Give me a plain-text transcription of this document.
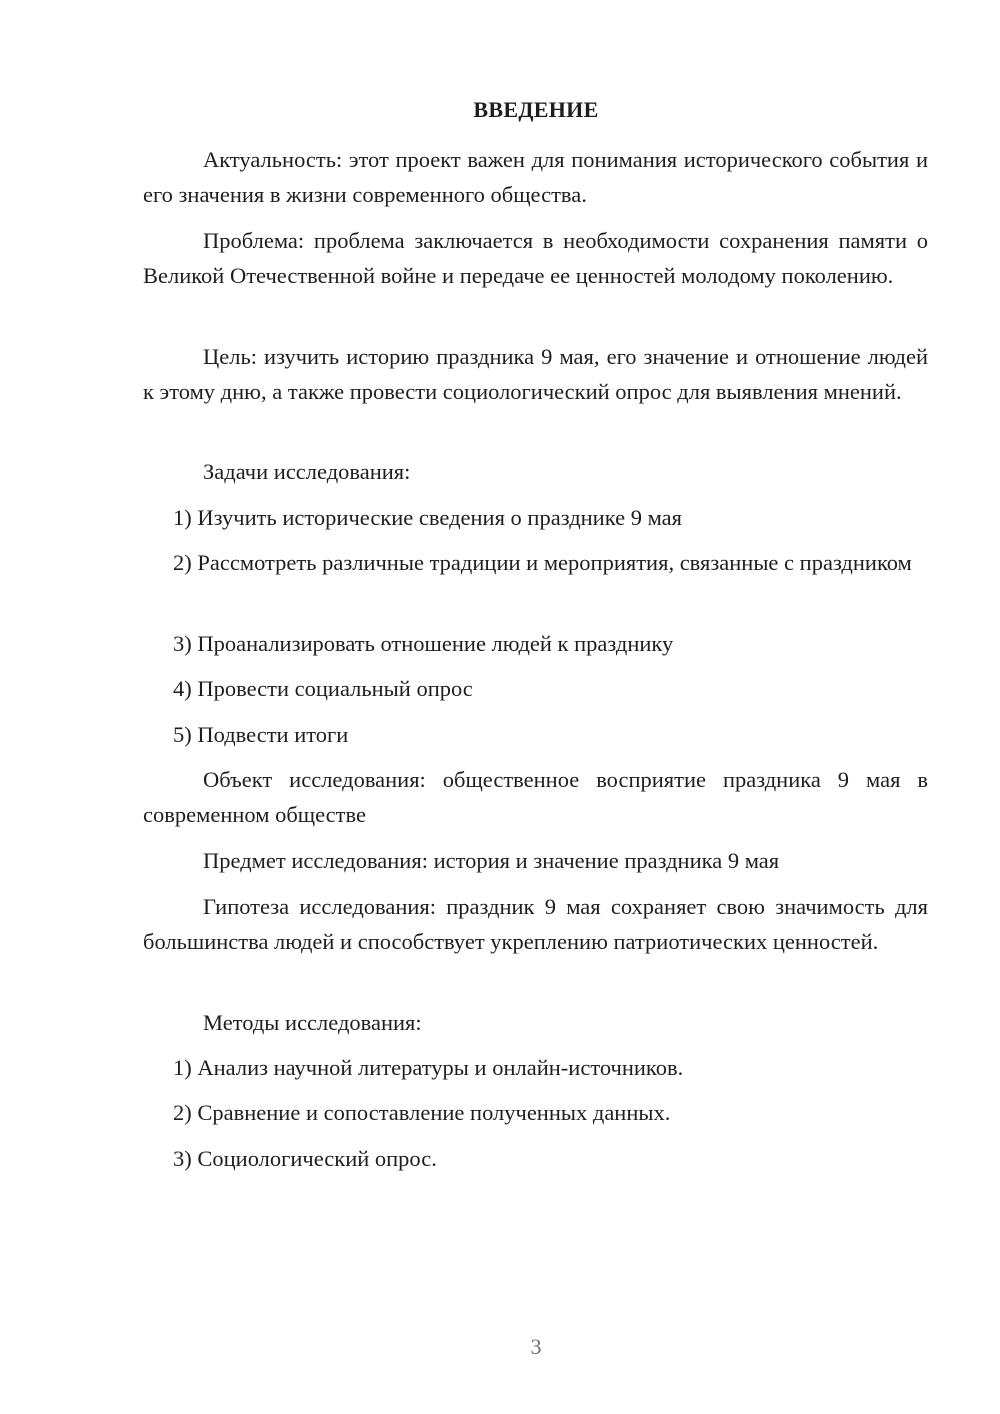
ВВЕДЕНИЕ

Актуальность: этот проект важен для понимания исторического события и его значения в жизни современного общества.

Проблема: проблема заключается в необходимости сохранения памяти о Великой Отечественной войне и передаче ее ценностей молодому поколению.

Цель: изучить историю праздника 9 мая, его значение и отношение людей к этому дню, а также провести социологический опрос для выявления мнений.

Задачи исследования:

1) Изучить исторические сведения о празднике 9 мая

2) Рассмотреть различные традиции и мероприятия, связанные с праздником

3) Проанализировать отношение людей к празднику

4) Провести социальный опрос

5) Подвести итоги

Объект исследования: общественное восприятие праздника 9 мая в современном обществе

Предмет исследования: история и значение праздника 9 мая

Гипотеза исследования: праздник 9 мая сохраняет свою значимость для большинства людей и способствует укреплению патриотических ценностей.

Методы исследования:

1) Анализ научной литературы и онлайн-источников.

2) Сравнение и сопоставление полученных данных.

3) Социологический опрос.

3
